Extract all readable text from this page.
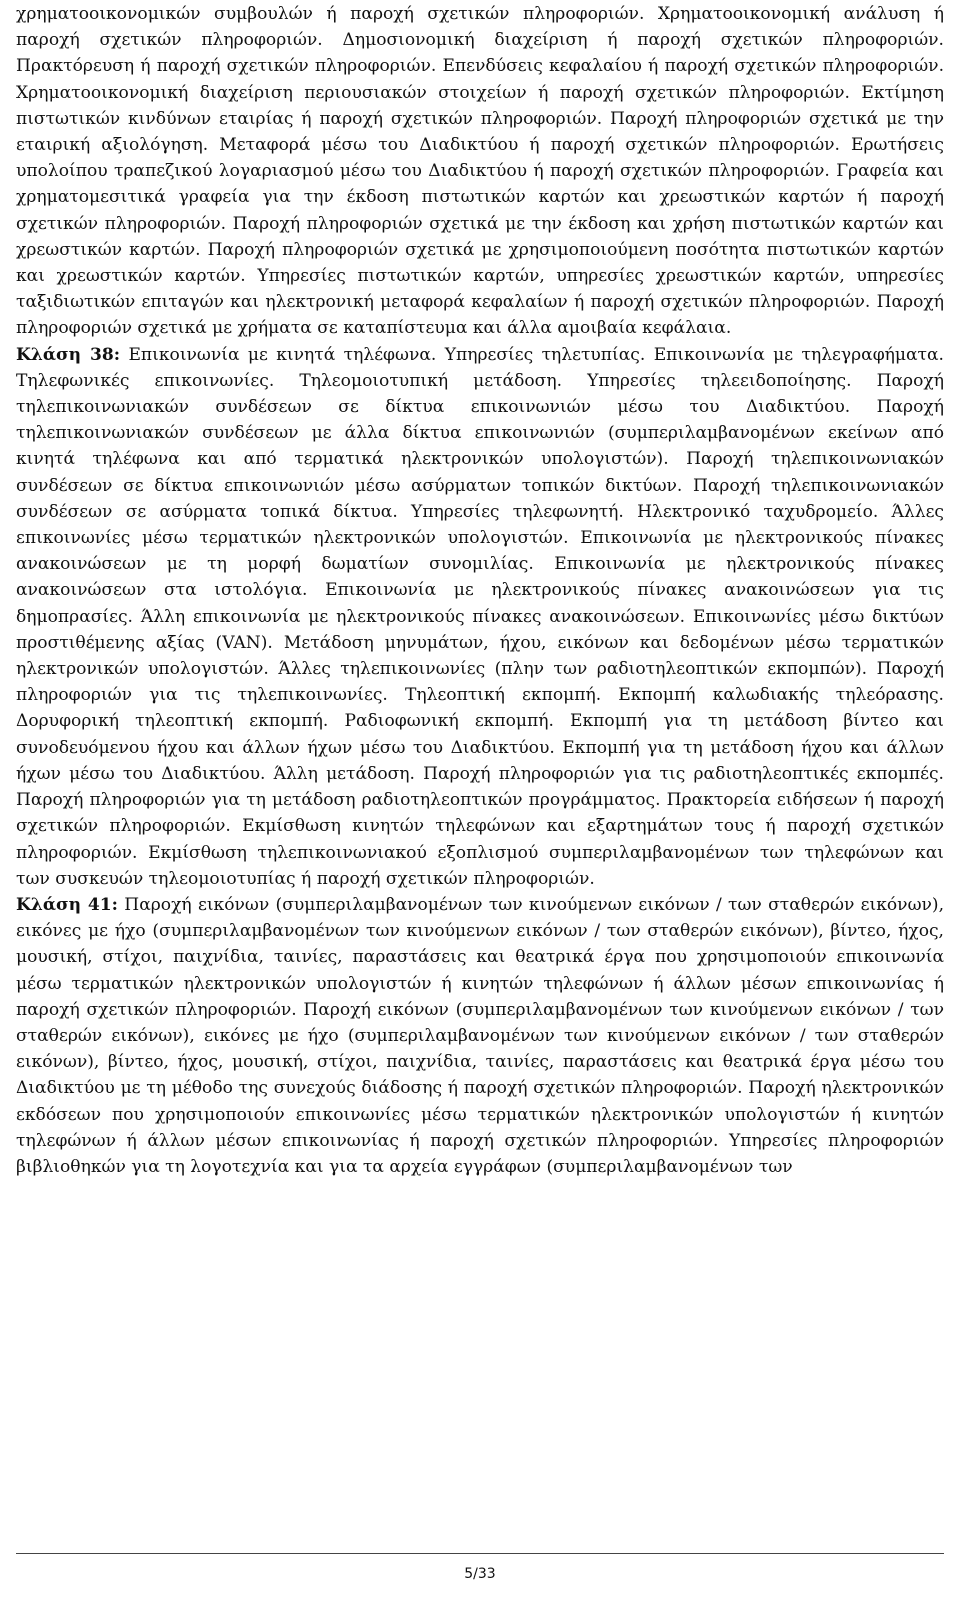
χρηματοοικονομικών συμβουλών ή παροχή σχετικών πληροφοριών. Χρηματοοικονομική ανάλυση ή παροχή σχετικών πληροφοριών. Δημοσιονομική διαχείριση ή παροχή σχετικών πληροφοριών. Πρακτόρευση ή παροχή σχετικών πληροφοριών. Επενδύσεις κεφαλαίου ή παροχή σχετικών πληροφοριών. Χρηματοοικονομική διαχείριση περιουσιακών στοιχείων ή παροχή σχετικών πληροφοριών. Εκτίμηση πιστωτικών κινδύνων εταιρίας ή παροχή σχετικών πληροφοριών. Παροχή πληροφοριών σχετικά με την εταιρική αξιολόγηση. Μεταφορά μέσω του Διαδικτύου ή παροχή σχετικών πληροφοριών. Ερωτήσεις υπολοίπου τραπεζικού λογαριασμού μέσω του Διαδικτύου ή παροχή σχετικών πληροφοριών. Γραφεία και χρηματομεσιτικά γραφεία για την έκδοση πιστωτικών καρτών και χρεωστικών καρτών ή παροχή σχετικών πληροφοριών. Παροχή πληροφοριών σχετικά με την έκδοση και χρήση πιστωτικών καρτών και χρεωστικών καρτών. Παροχή πληροφοριών σχετικά με χρησιμοποιούμενη ποσότητα πιστωτικών καρτών και χρεωστικών καρτών. Υπηρεσίες πιστωτικών καρτών, υπηρεσίες χρεωστικών καρτών, υπηρεσίες ταξιδιωτικών επιταγών και ηλεκτρονική μεταφορά κεφαλαίων ή παροχή σχετικών πληροφοριών. Παροχή πληροφοριών σχετικά με χρήματα σε καταπίστευμα και άλλα αμοιβαία κεφάλαια.

Κλάση 38: Επικοινωνία με κινητά τηλέφωνα. Υπηρεσίες τηλετυπίας. Επικοινωνία με τηλεγραφήματα. Τηλεφωνικές επικοινωνίες. Τηλεομοιοτυπική μετάδοση. Υπηρεσίες τηλεειδοποίησης. Παροχή τηλεπικοινωνιακών συνδέσεων σε δίκτυα επικοινωνιών μέσω του Διαδικτύου. Παροχή τηλεπικοινωνιακών συνδέσεων με άλλα δίκτυα επικοινωνιών (συμπεριλαμβανομένων εκείνων από κινητά τηλέφωνα και από τερματικά ηλεκτρονικών υπολογιστών). Παροχή τηλεπικοινωνιακών συνδέσεων σε δίκτυα επικοινωνιών μέσω ασύρματων τοπικών δικτύων. Παροχή τηλεπικοινωνιακών συνδέσεων σε ασύρματα τοπικά δίκτυα. Υπηρεσίες τηλεφωνητή. Ηλεκτρονικό ταχυδρομείο. Άλλες επικοινωνίες μέσω τερματικών ηλεκτρονικών υπολογιστών. Επικοινωνία με ηλεκτρονικούς πίνακες ανακοινώσεων με τη μορφή δωματίων συνομιλίας. Επικοινωνία με ηλεκτρονικούς πίνακες ανακοινώσεων στα ιστολόγια. Επικοινωνία με ηλεκτρονικούς πίνακες ανακοινώσεων για τις δημοπρασίες. Άλλη επικοινωνία με ηλεκτρονικούς πίνακες ανακοινώσεων. Επικοινωνίες μέσω δικτύων προστιθέμενης αξίας (VAN). Μετάδοση μηνυμάτων, ήχου, εικόνων και δεδομένων μέσω τερματικών ηλεκτρονικών υπολογιστών. Άλλες τηλεπικοινωνίες (πλην των ραδιοτηλεοπτικών εκπομπών). Παροχή πληροφοριών για τις τηλεπικοινωνίες. Τηλεοπτική εκπομπή. Εκπομπή καλωδιακής τηλεόρασης. Δορυφορική τηλεοπτική εκπομπή. Ραδιοφωνική εκπομπή. Εκπομπή για τη μετάδοση βίντεο και συνοδευόμενου ήχου και άλλων ήχων μέσω του Διαδικτύου. Εκπομπή για τη μετάδοση ήχου και άλλων ήχων μέσω του Διαδικτύου. Άλλη μετάδοση. Παροχή πληροφοριών για τις ραδιοτηλεοπτικές εκπομπές. Παροχή πληροφοριών για τη μετάδοση ραδιοτηλεοπτικών προγράμματος. Πρακτορεία ειδήσεων ή παροχή σχετικών πληροφοριών. Εκμίσθωση κινητών τηλεφώνων και εξαρτημάτων τους ή παροχή σχετικών πληροφοριών. Εκμίσθωση τηλεπικοινωνιακού εξοπλισμού συμπεριλαμβανομένων των τηλεφώνων και των συσκευών τηλεομοιοτυπίας ή παροχή σχετικών πληροφοριών.

Κλάση 41: Παροχή εικόνων (συμπεριλαμβανομένων των κινούμενων εικόνων / των σταθερών εικόνων), εικόνες με ήχο (συμπεριλαμβανομένων των κινούμενων εικόνων / των σταθερών εικόνων), βίντεο, ήχος, μουσική, στίχοι, παιχνίδια, ταινίες, παραστάσεις και θεατρικά έργα που χρησιμοποιούν επικοινωνία μέσω τερματικών ηλεκτρονικών υπολογιστών ή κινητών τηλεφώνων ή άλλων μέσων επικοινωνίας ή παροχή σχετικών πληροφοριών. Παροχή εικόνων (συμπεριλαμβανομένων των κινούμενων εικόνων / των σταθερών εικόνων), εικόνες με ήχο (συμπεριλαμβανομένων των κινούμενων εικόνων / των σταθερών εικόνων), βίντεο, ήχος, μουσική, στίχοι, παιχνίδια, ταινίες, παραστάσεις και θεατρικά έργα μέσω του Διαδικτύου με τη μέθοδο της συνεχούς διάδοσης ή παροχή σχετικών πληροφοριών. Παροχή ηλεκτρονικών εκδόσεων που χρησιμοποιούν επικοινωνίες μέσω τερματικών ηλεκτρονικών υπολογιστών ή κινητών τηλεφώνων ή άλλων μέσων επικοινωνίας ή παροχή σχετικών πληροφοριών. Υπηρεσίες πληροφοριών βιβλιοθηκών για τη λογοτεχνία και για τα αρχεία εγγράφων (συμπεριλαμβανομένων των

5/33
